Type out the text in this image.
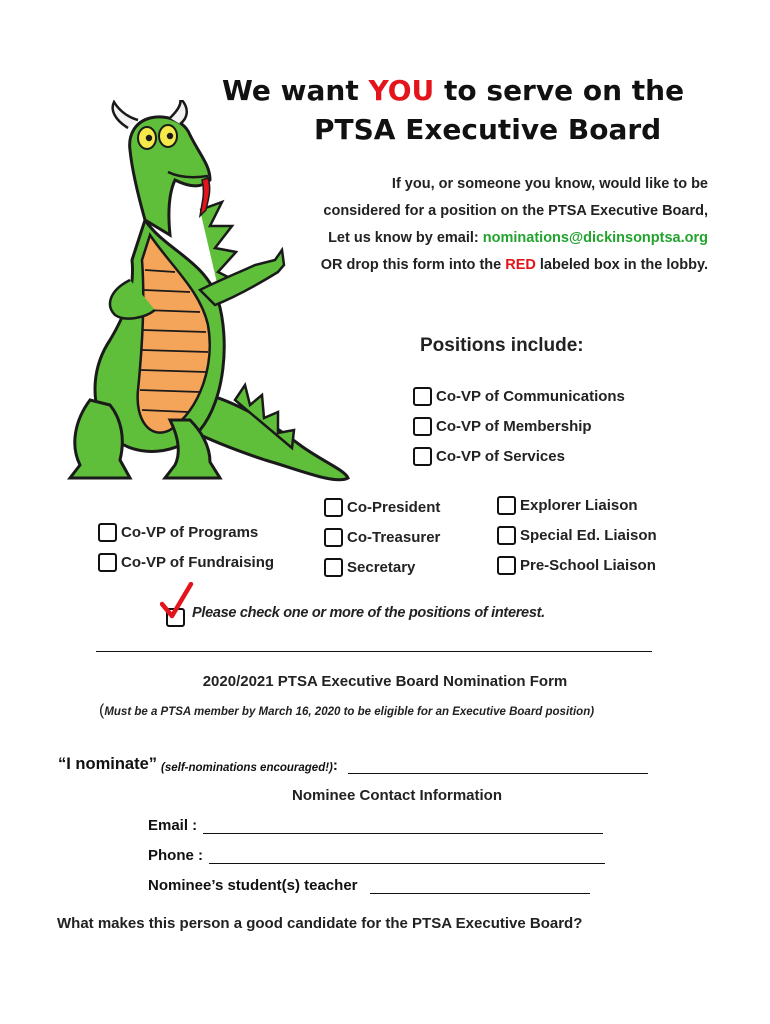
We want YOU to serve on the
PTSA Executive Board
If you, or someone you know, would like to be
considered for a position on the PTSA Executive Board,
Let us know by email: nominations@dickinsonptsa.org
OR drop this form into the RED labeled box in the lobby.
Positions include:
Co-VP of Communications
Co-VP of Membership
Co-VP of Services
Co-VP of Programs
Co-VP of Fundraising
Co-President
Co-Treasurer
Secretary
Explorer Liaison
Special Ed. Liaison
Pre-School Liaison
Please check one or more of the positions of interest.
2020/2021 PTSA Executive Board Nomination Form
(Must be a PTSA member by March 16, 2020 to be eligible for an Executive Board position)
“I nominate” (self-nominations encouraged!) :
Nominee Contact Information
Email :
Phone :
Nominee’s student(s) teacher
What makes this person a good candidate for the PTSA Executive Board?
